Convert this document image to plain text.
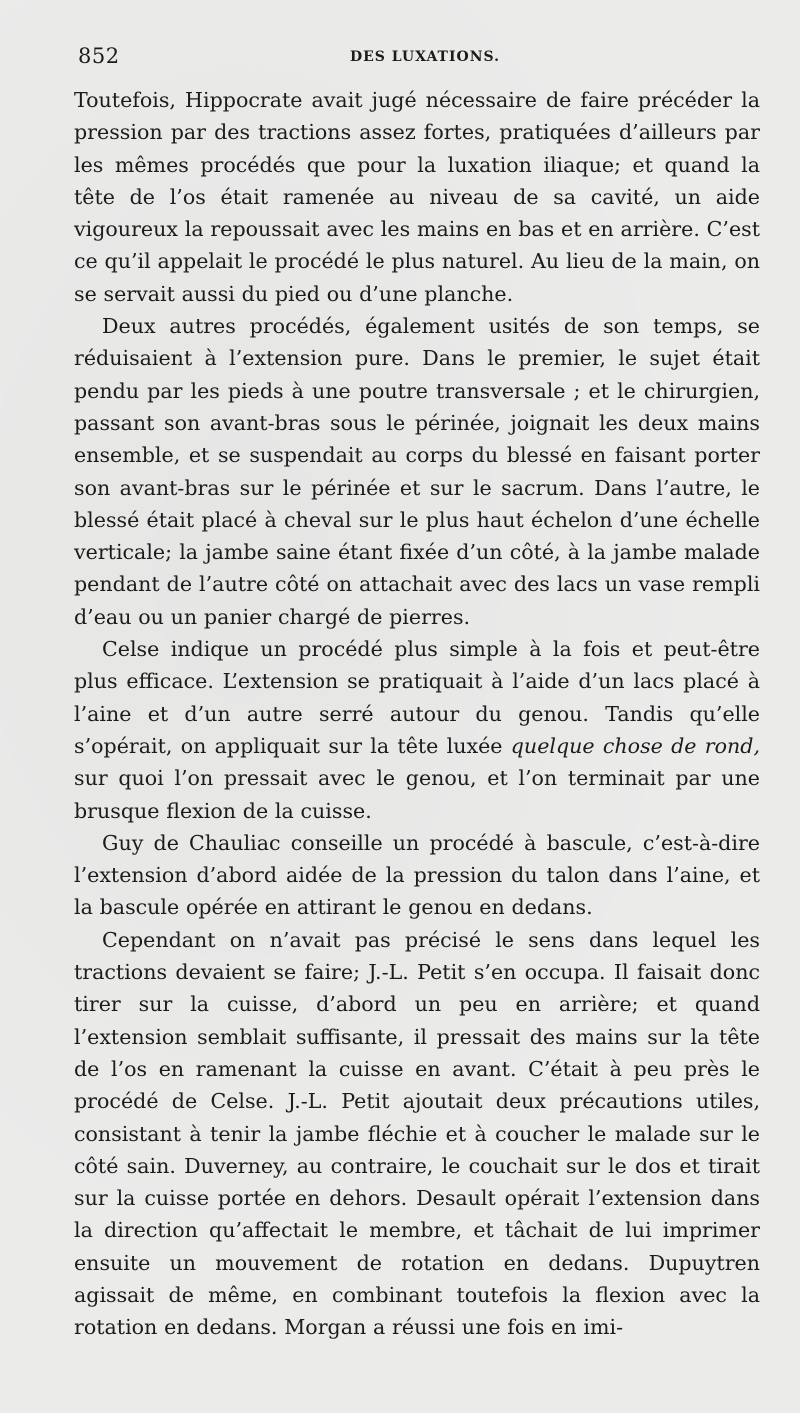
852	DES LUXATIONS.

Toutefois, Hippocrate avait jugé nécessaire de faire précéder la pression par des tractions assez fortes, pratiquées d’ailleurs par les mêmes procédés que pour la luxation iliaque; et quand la tête de l’os était ramenée au niveau de sa cavité, un aide vigoureux la repoussait avec les mains en bas et en arrière. C’est ce qu’il appelait le procédé le plus naturel. Au lieu de la main, on se servait aussi du pied ou d’une planche.

Deux autres procédés, également usités de son temps, se réduisaient à l’extension pure. Dans le premier, le sujet était pendu par les pieds à une poutre transversale ; et le chirurgien, passant son avant-bras sous le périnée, joignait les deux mains ensemble, et se suspendait au corps du blessé en faisant porter son avant-bras sur le périnée et sur le sacrum. Dans l’autre, le blessé était placé à cheval sur le plus haut échelon d’une échelle verticale; la jambe saine étant fixée d’un côté, à la jambe malade pendant de l’autre côté on attachait avec des lacs un vase rempli d’eau ou un panier chargé de pierres.

Celse indique un procédé plus simple à la fois et peut-être plus efficace. L’extension se pratiquait à l’aide d’un lacs placé à l’aine et d’un autre serré autour du genou. Tandis qu’elle s’opérait, on appliquait sur la tête luxée quelque chose de rond, sur quoi l’on pressait avec le genou, et l’on terminait par une brusque flexion de la cuisse.

Guy de Chauliac conseille un procédé à bascule, c’est-à-dire l’extension d’abord aidée de la pression du talon dans l’aine, et la bascule opérée en attirant le genou en dedans.

Cependant on n’avait pas précisé le sens dans lequel les tractions devaient se faire; J.-L. Petit s’en occupa. Il faisait donc tirer sur la cuisse, d’abord un peu en arrière; et quand l’extension semblait suffisante, il pressait des mains sur la tête de l’os en ramenant la cuisse en avant. C’était à peu près le procédé de Celse. J.-L. Petit ajoutait deux précautions utiles, consistant à tenir la jambe fléchie et à coucher le malade sur le côté sain. Duverney, au contraire, le couchait sur le dos et tirait sur la cuisse portée en dehors. Desault opérait l’extension dans la direction qu’affectait le membre, et tâchait de lui imprimer ensuite un mouvement de rotation en dedans. Dupuytren agissait de même, en combinant toutefois la flexion avec la rotation en dedans. Morgan a réussi une fois en imi-
